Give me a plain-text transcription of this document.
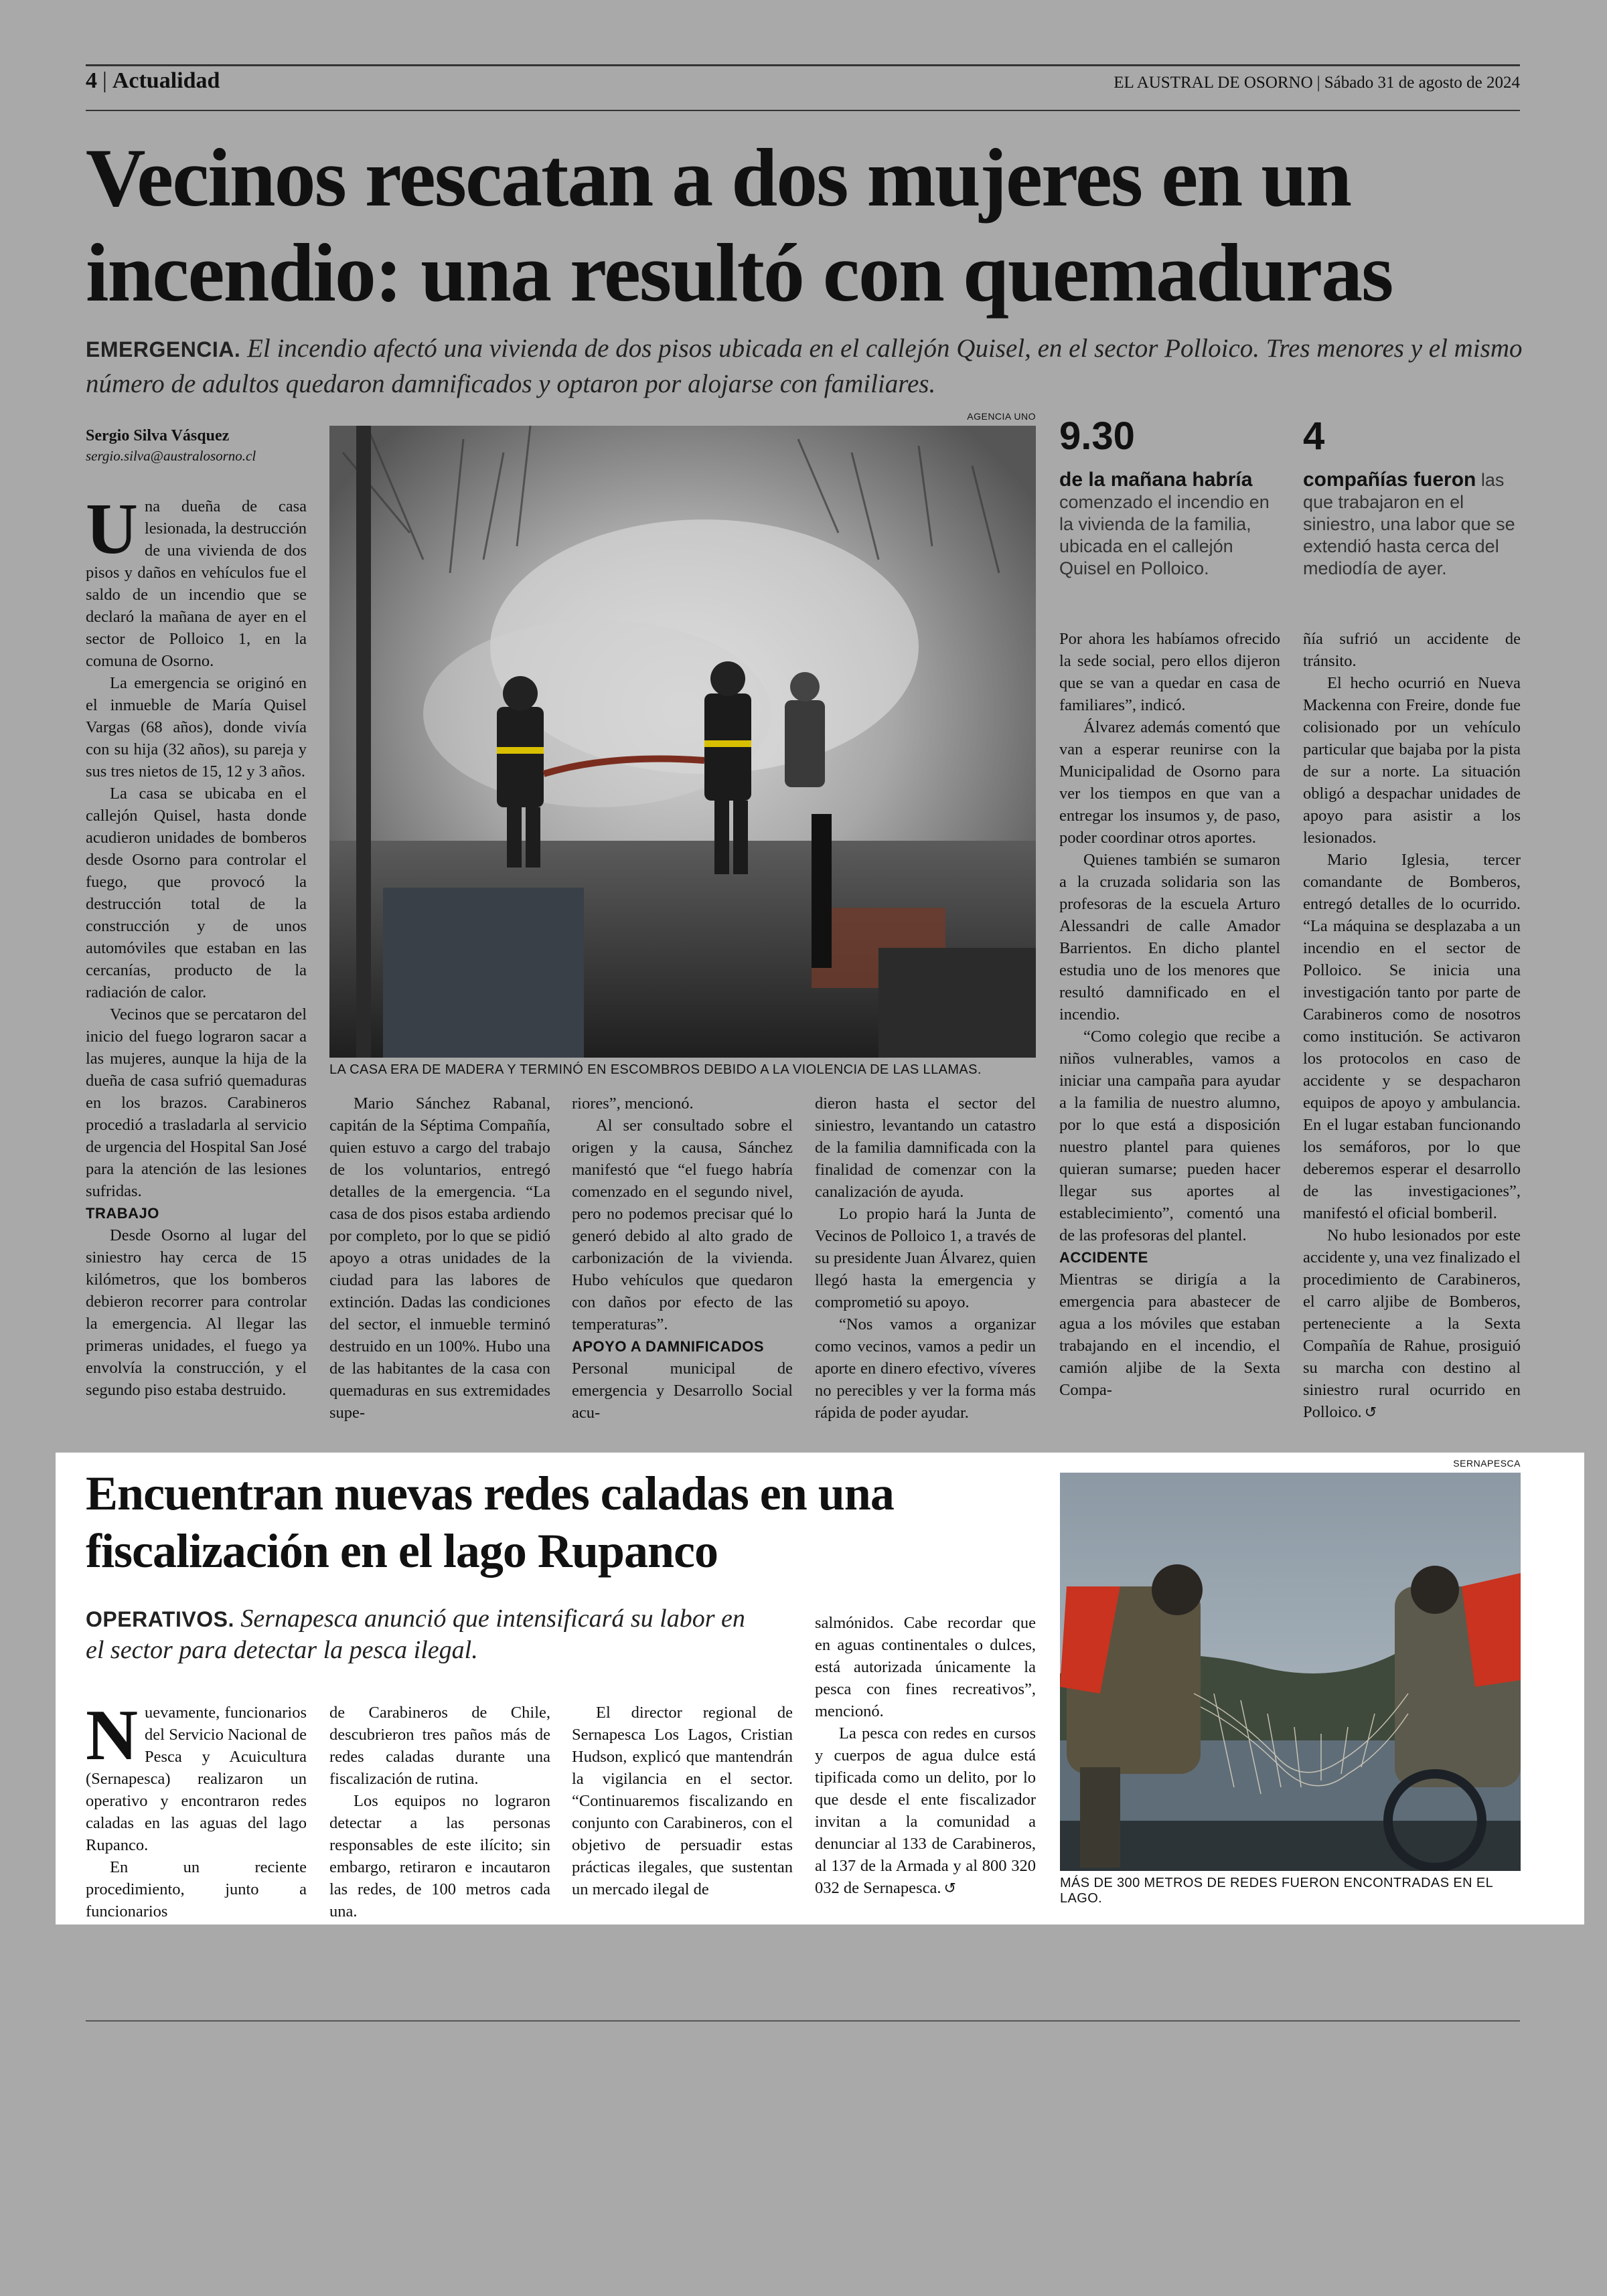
4 | Actualidad	EL AUSTRAL DE OSORNO | Sábado 31 de agosto de 2024
Vecinos rescatan a dos mujeres en un incendio: una resultó con quemaduras

EMERGENCIA. El incendio afectó una vivienda de dos pisos ubicada en el callejón Quisel, en el sector Polloico. Tres menores y el mismo número de adultos quedaron damnificados y optaron por alojarse con familiares.

Sergio Silva Vásquez
sergio.silva@australosorno.cl

Una dueña de casa lesionada, la destrucción de una vivienda de dos pisos y daños en vehículos fue el saldo de un incendio que se declaró la mañana de ayer en el sector de Polloico 1, en la comuna de Osorno.

La emergencia se originó en el inmueble de María Quisel Vargas (68 años), donde vivía con su hija (32 años), su pareja y sus tres nietos de 15, 12 y 3 años.

La casa se ubicaba en el callejón Quisel, hasta donde acudieron unidades de bomberos desde Osorno para controlar el fuego, que provocó la destrucción total de la construcción y de unos automóviles que estaban en las cercanías, producto de la radiación de calor.

Vecinos que se percataron del inicio del fuego lograron sacar a las mujeres, aunque la hija de la dueña de casa sufrió quemaduras en los brazos. Carabineros procedió a trasladarla al servicio de urgencia del Hospital San José para la atención de las lesiones sufridas.

TRABAJO

Desde Osorno al lugar del siniestro hay cerca de 15 kilómetros, que los bomberos debieron recorrer para controlar la emergencia. Al llegar las primeras unidades, el fuego ya envolvía la construcción, y el segundo piso estaba destruido.

AGENCIA UNO
LA CASA ERA DE MADERA Y TERMINÓ EN ESCOMBROS DEBIDO A LA VIOLENCIA DE LAS LLAMAS.

Mario Sánchez Rabanal, capitán de la Séptima Compañía, quien estuvo a cargo del trabajo de los voluntarios, entregó detalles de la emergencia. “La casa de dos pisos estaba ardiendo por completo, por lo que se pidió apoyo a otras unidades de la ciudad para las labores de extinción. Dadas las condiciones del sector, el inmueble terminó destruido en un 100%. Hubo una de las habitantes de la casa con quemaduras en sus extremidades supe-

riores”, mencionó.

Al ser consultado sobre el origen y la causa, Sánchez manifestó que “el fuego habría comenzado en el segundo nivel, pero no podemos precisar qué lo generó debido al alto grado de carbonización de la vivienda. Hubo vehículos que quedaron con daños por efecto de las temperaturas”.

APOYO A DAMNIFICADOS

Personal municipal de emergencia y Desarrollo Social acu-

dieron hasta el sector del siniestro, levantando un catastro de la familia damnificada con la finalidad de comenzar con la canalización de ayuda.

Lo propio hará la Junta de Vecinos de Polloico 1, a través de su presidente Juan Álvarez, quien llegó hasta la emergencia y comprometió su apoyo.

“Nos vamos a organizar como vecinos, vamos a pedir un aporte en dinero efectivo, víveres no perecibles y ver la forma más rápida de poder ayudar.

9.30
de la mañana habría
comenzado el incendio en la vivienda de la familia, ubicada en el callejón Quisel en Polloico.
4
compañías fueron las que trabajaron en el siniestro, una labor que se extendió hasta cerca del mediodía de ayer.

Por ahora les habíamos ofrecido la sede social, pero ellos dijeron que se van a quedar en casa de familiares”, indicó.

Álvarez además comentó que van a esperar reunirse con la Municipalidad de Osorno para ver los tiempos en que van a entregar los insumos y, de paso, poder coordinar otros aportes.

Quienes también se sumaron a la cruzada solidaria son las profesoras de la escuela Arturo Alessandri de calle Amador Barrientos. En dicho plantel estudia uno de los menores que resultó damnificado en el incendio.

“Como colegio que recibe a niños vulnerables, vamos a iniciar una campaña para ayudar a la familia de nuestro alumno, por lo que está a disposición nuestro plantel para quienes quieran sumarse; pueden hacer llegar sus aportes al establecimiento”, comentó una de las profesoras del plantel.

ACCIDENTE

Mientras se dirigía a la emergencia para abastecer de agua a los móviles que estaban trabajando en el incendio, el camión aljibe de la Sexta Compa-

ñía sufrió un accidente de tránsito.

El hecho ocurrió en Nueva Mackenna con Freire, donde fue colisionado por un vehículo particular que bajaba por la pista de sur a norte. La situación obligó a despachar unidades de apoyo para asistir a los lesionados.

Mario Iglesia, tercer comandante de Bomberos, entregó detalles de lo ocurrido. “La máquina se desplazaba a un incendio en el sector de Polloico. Se inicia una investigación tanto por parte de Carabineros como de nosotros como institución. Se activaron los protocolos en caso de accidente y se despacharon equipos de apoyo y ambulancia. En el lugar estaban funcionando los semáforos, por lo que deberemos esperar el desarrollo de las investigaciones”, manifestó el oficial bomberil.

No hubo lesionados por este accidente y, una vez finalizado el procedimiento de Carabineros, el carro aljibe de Bomberos, perteneciente a la Sexta Compañía de Rahue, prosiguió su marcha con destino al siniestro rural ocurrido en Polloico. ↺

Encuentran nuevas redes caladas en una fiscalización en el lago Rupanco

OPERATIVOS. Sernapesca anunció que intensificará su labor en el sector para detectar la pesca ilegal.

Nuevamente, funcionarios del Servicio Nacional de Pesca y Acuicultura (Sernapesca) realizaron un operativo y encontraron redes caladas en las aguas del lago Rupanco.

En un reciente procedimiento, junto a funcionarios

de Carabineros de Chile, descubrieron tres paños más de redes caladas durante una fiscalización de rutina.

Los equipos no lograron detectar a las personas responsables de este ilícito; sin embargo, retiraron e incautaron las redes, de 100 metros cada una.

El director regional de Sernapesca Los Lagos, Cristian Hudson, explicó que mantendrán la vigilancia en el sector. “Continuaremos fiscalizando en conjunto con Carabineros, con el objetivo de persuadir estas prácticas ilegales, que sustentan un mercado ilegal de

salmónidos. Cabe recordar que en aguas continentales o dulces, está autorizada únicamente la pesca con fines recreativos”, mencionó.

La pesca con redes en cursos y cuerpos de agua dulce está tipificada como un delito, por lo que desde el ente fiscalizador invitan a la comunidad a denunciar al 133 de Carabineros, al 137 de la Armada y al 800 320 032 de Sernapesca. ↺

SERNAPESCA
MÁS DE 300 METROS DE REDES FUERON ENCONTRADAS EN EL LAGO.
